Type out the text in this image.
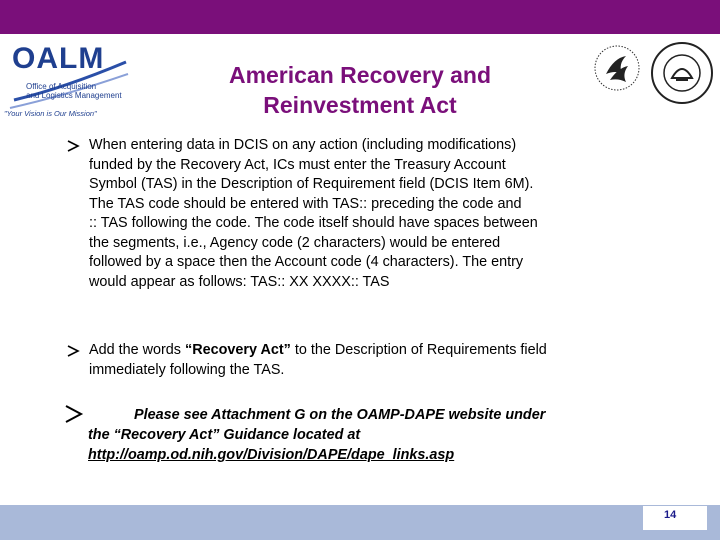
OALM
Office of Acquisition
and Logistics Management
"Your Vision is Our Mission"
American Recovery and
Reinvestment Act
When entering data in DCIS on any action (including modifications)
funded by the Recovery Act, ICs must enter the Treasury Account
Symbol (TAS) in the Description of Requirement field (DCIS Item 6M).
The TAS code should be entered with TAS:: preceding the code and
:: TAS following the code. The code itself should have spaces between
the segments, i.e., Agency code (2 characters) would be entered
followed by a space then the Account code (4 characters). The entry
would appear as follows: TAS:: XX XXXX:: TAS
Add the words “Recovery Act” to the Description of Requirements field
immediately following the TAS.
Please see Attachment G on the OAMP-DAPE website under
the “Recovery Act” Guidance located at
http://oamp.od.nih.gov/Division/DAPE/dape_links.asp
14
